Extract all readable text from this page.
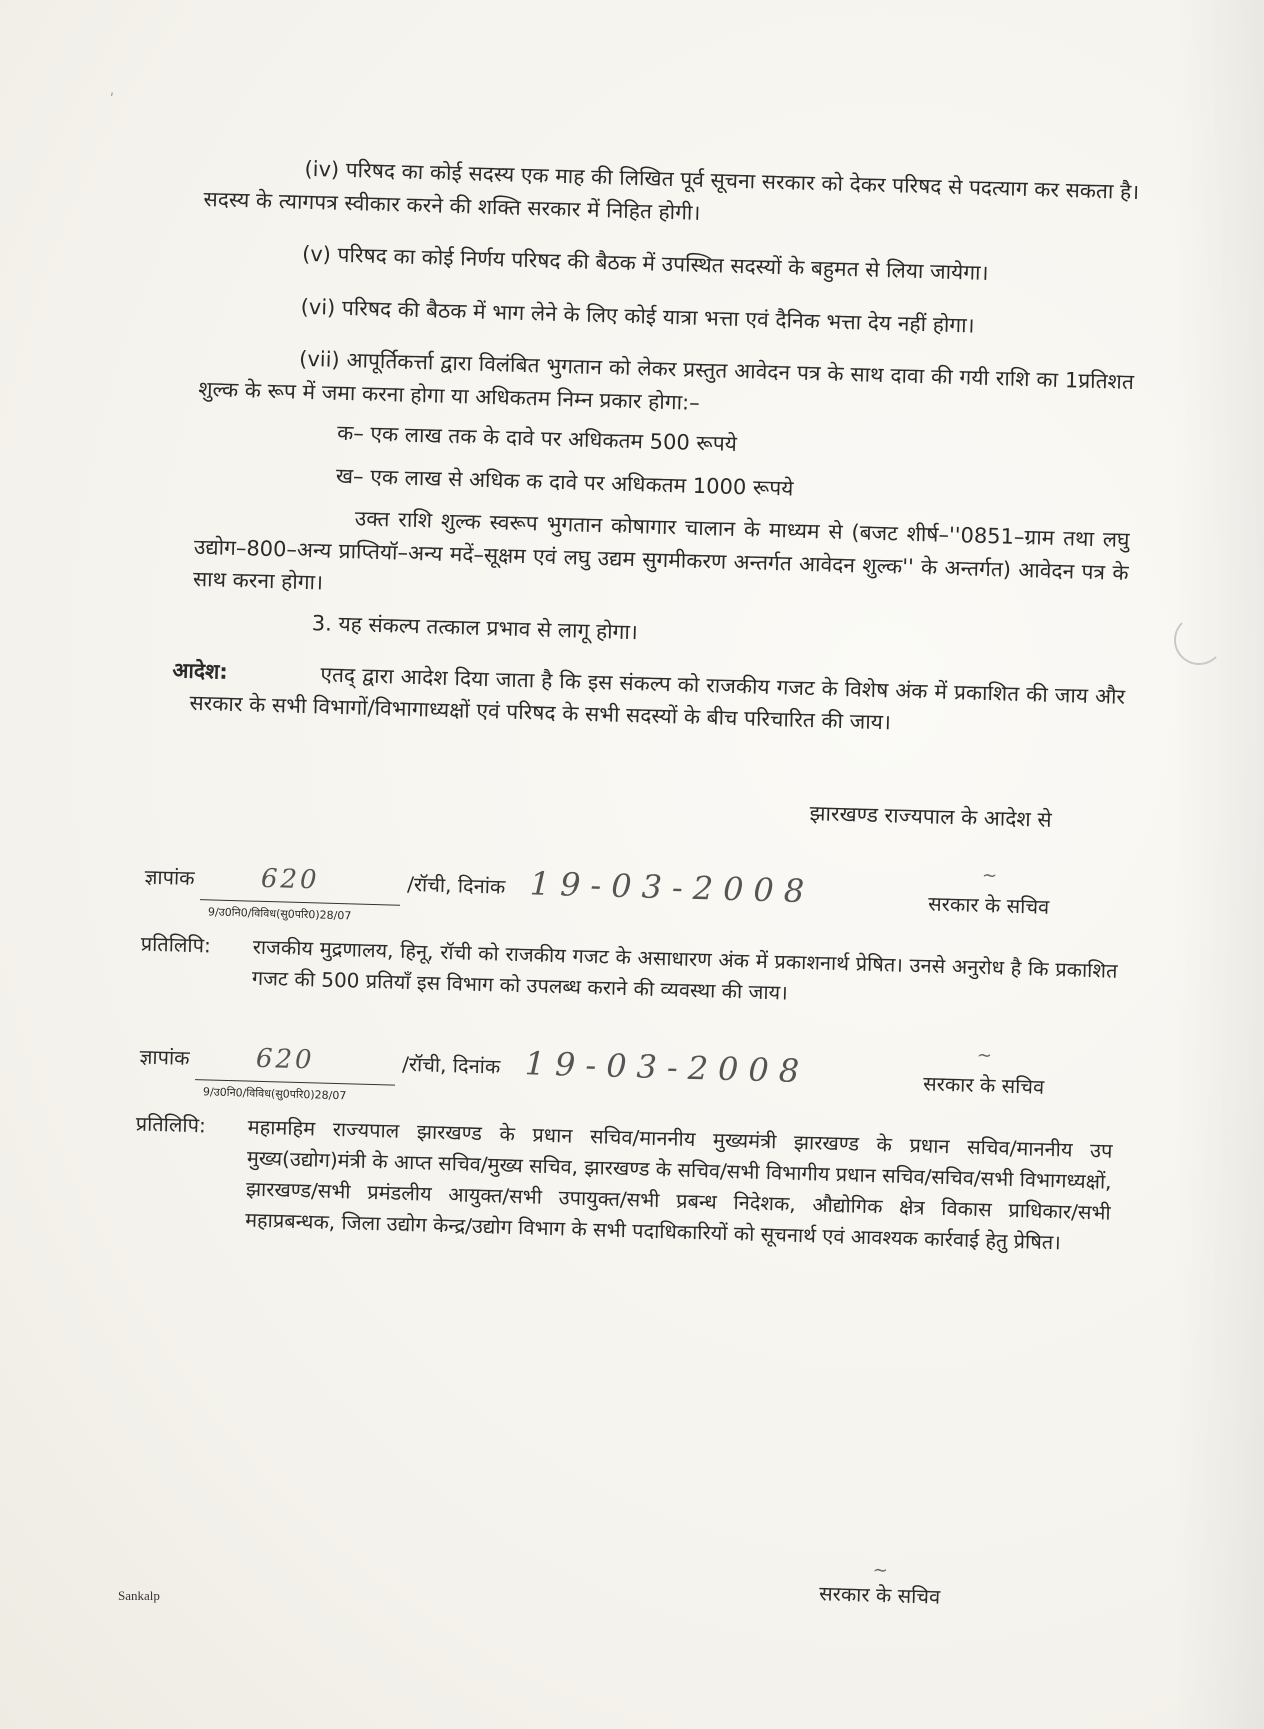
ʹ

(iv) परिषद का कोई सदस्य एक माह की लिखित पूर्व सूचना सरकार को देकर परिषद से पदत्याग कर सकता है। सदस्य के त्यागपत्र स्वीकार करने की शक्ति सरकार में निहित होगी।

(v) परिषद का कोई निर्णय परिषद की बैठक में उपस्थित सदस्यों के बहुमत से लिया जायेगा।

(vi) परिषद की बैठक में भाग लेने के लिए कोई यात्रा भत्ता एवं दैनिक भत्ता देय नहीं होगा।

(vii) आपूर्तिकर्त्ता द्वारा विलंबित भुगतान को लेकर प्रस्तुत आवेदन पत्र के साथ दावा की गयी राशि का 1प्रतिशत शुल्क के रूप में जमा करना होगा या अधिकतम निम्न प्रकार होगा:–

क– एक लाख तक के दावे पर अधिकतम 500 रूपये

ख– एक लाख से अधिक क दावे पर अधिकतम 1000 रूपये

उक्त राशि शुल्क स्वरूप भुगतान कोषागार चालान के माध्यम से (बजट शीर्ष–''0851–ग्राम तथा लघु उद्योग–800–अन्य प्राप्तियॉ–अन्य मदें–सूक्षम एवं लघु उद्यम सुगमीकरण अन्तर्गत आवेदन शुल्क'' के अन्तर्गत) आवेदन पत्र के साथ करना होगा।

3. यह संकल्प तत्काल प्रभाव से लागू होगा।

आदेश:	एतद् द्वारा आदेश दिया जाता है कि इस संकल्प को राजकीय गजट के विशेष अंक में प्रकाशित की जाय और सरकार के सभी विभागों/विभागाध्यक्षों एवं परिषद के सभी सदस्यों के बीच परिचारित की जाय।

झारखण्ड राज्यपाल के आदेश से
ज्ञापांक	620
9/उ0नि0/विविध(सु0परि0)28/07
/रॉची, दिनांक 19-03-2008	~
सरकार के सचिव
प्रतिलिपि: राजकीय मुद्रणालय, हिनू, रॉची को राजकीय गजट के असाधारण अंक में प्रकाशनार्थ प्रेषित। उनसे अनुरोध है कि प्रकाशित गजट की 500 प्रतियॉं इस विभाग को उपलब्ध कराने की व्यवस्था की जाय।

ज्ञापांक	620
9/उ0नि0/विविध(सु0परि0)28/07
/रॉची, दिनांक 19-03-2008	~
सरकार के सचिव
प्रतिलिपि: महामहिम राज्यपाल झारखण्ड के प्रधान सचिव/माननीय मुख्यमंत्री झारखण्ड के प्रधान सचिव/माननीय उप मुख्य(उद्योग)मंत्री के आप्त सचिव/मुख्य सचिव, झारखण्ड के सचिव/सभी विभागीय प्रधान सचिव/सचिव/सभी विभागध्यक्षों, झारखण्ड/सभी प्रमंडलीय आयुक्त/सभी उपायुक्त/सभी प्रबन्ध निदेशक, औद्योगिक क्षेत्र विकास प्राधिकार/सभी महाप्रबन्धक, जिला उद्योग केन्द्र/उद्योग विभाग के सभी पदाधिकारियों को सूचनार्थ एवं आवश्यक कार्रवाई हेतु प्रेषित।

Sankalp
~
सरकार के सचिव
